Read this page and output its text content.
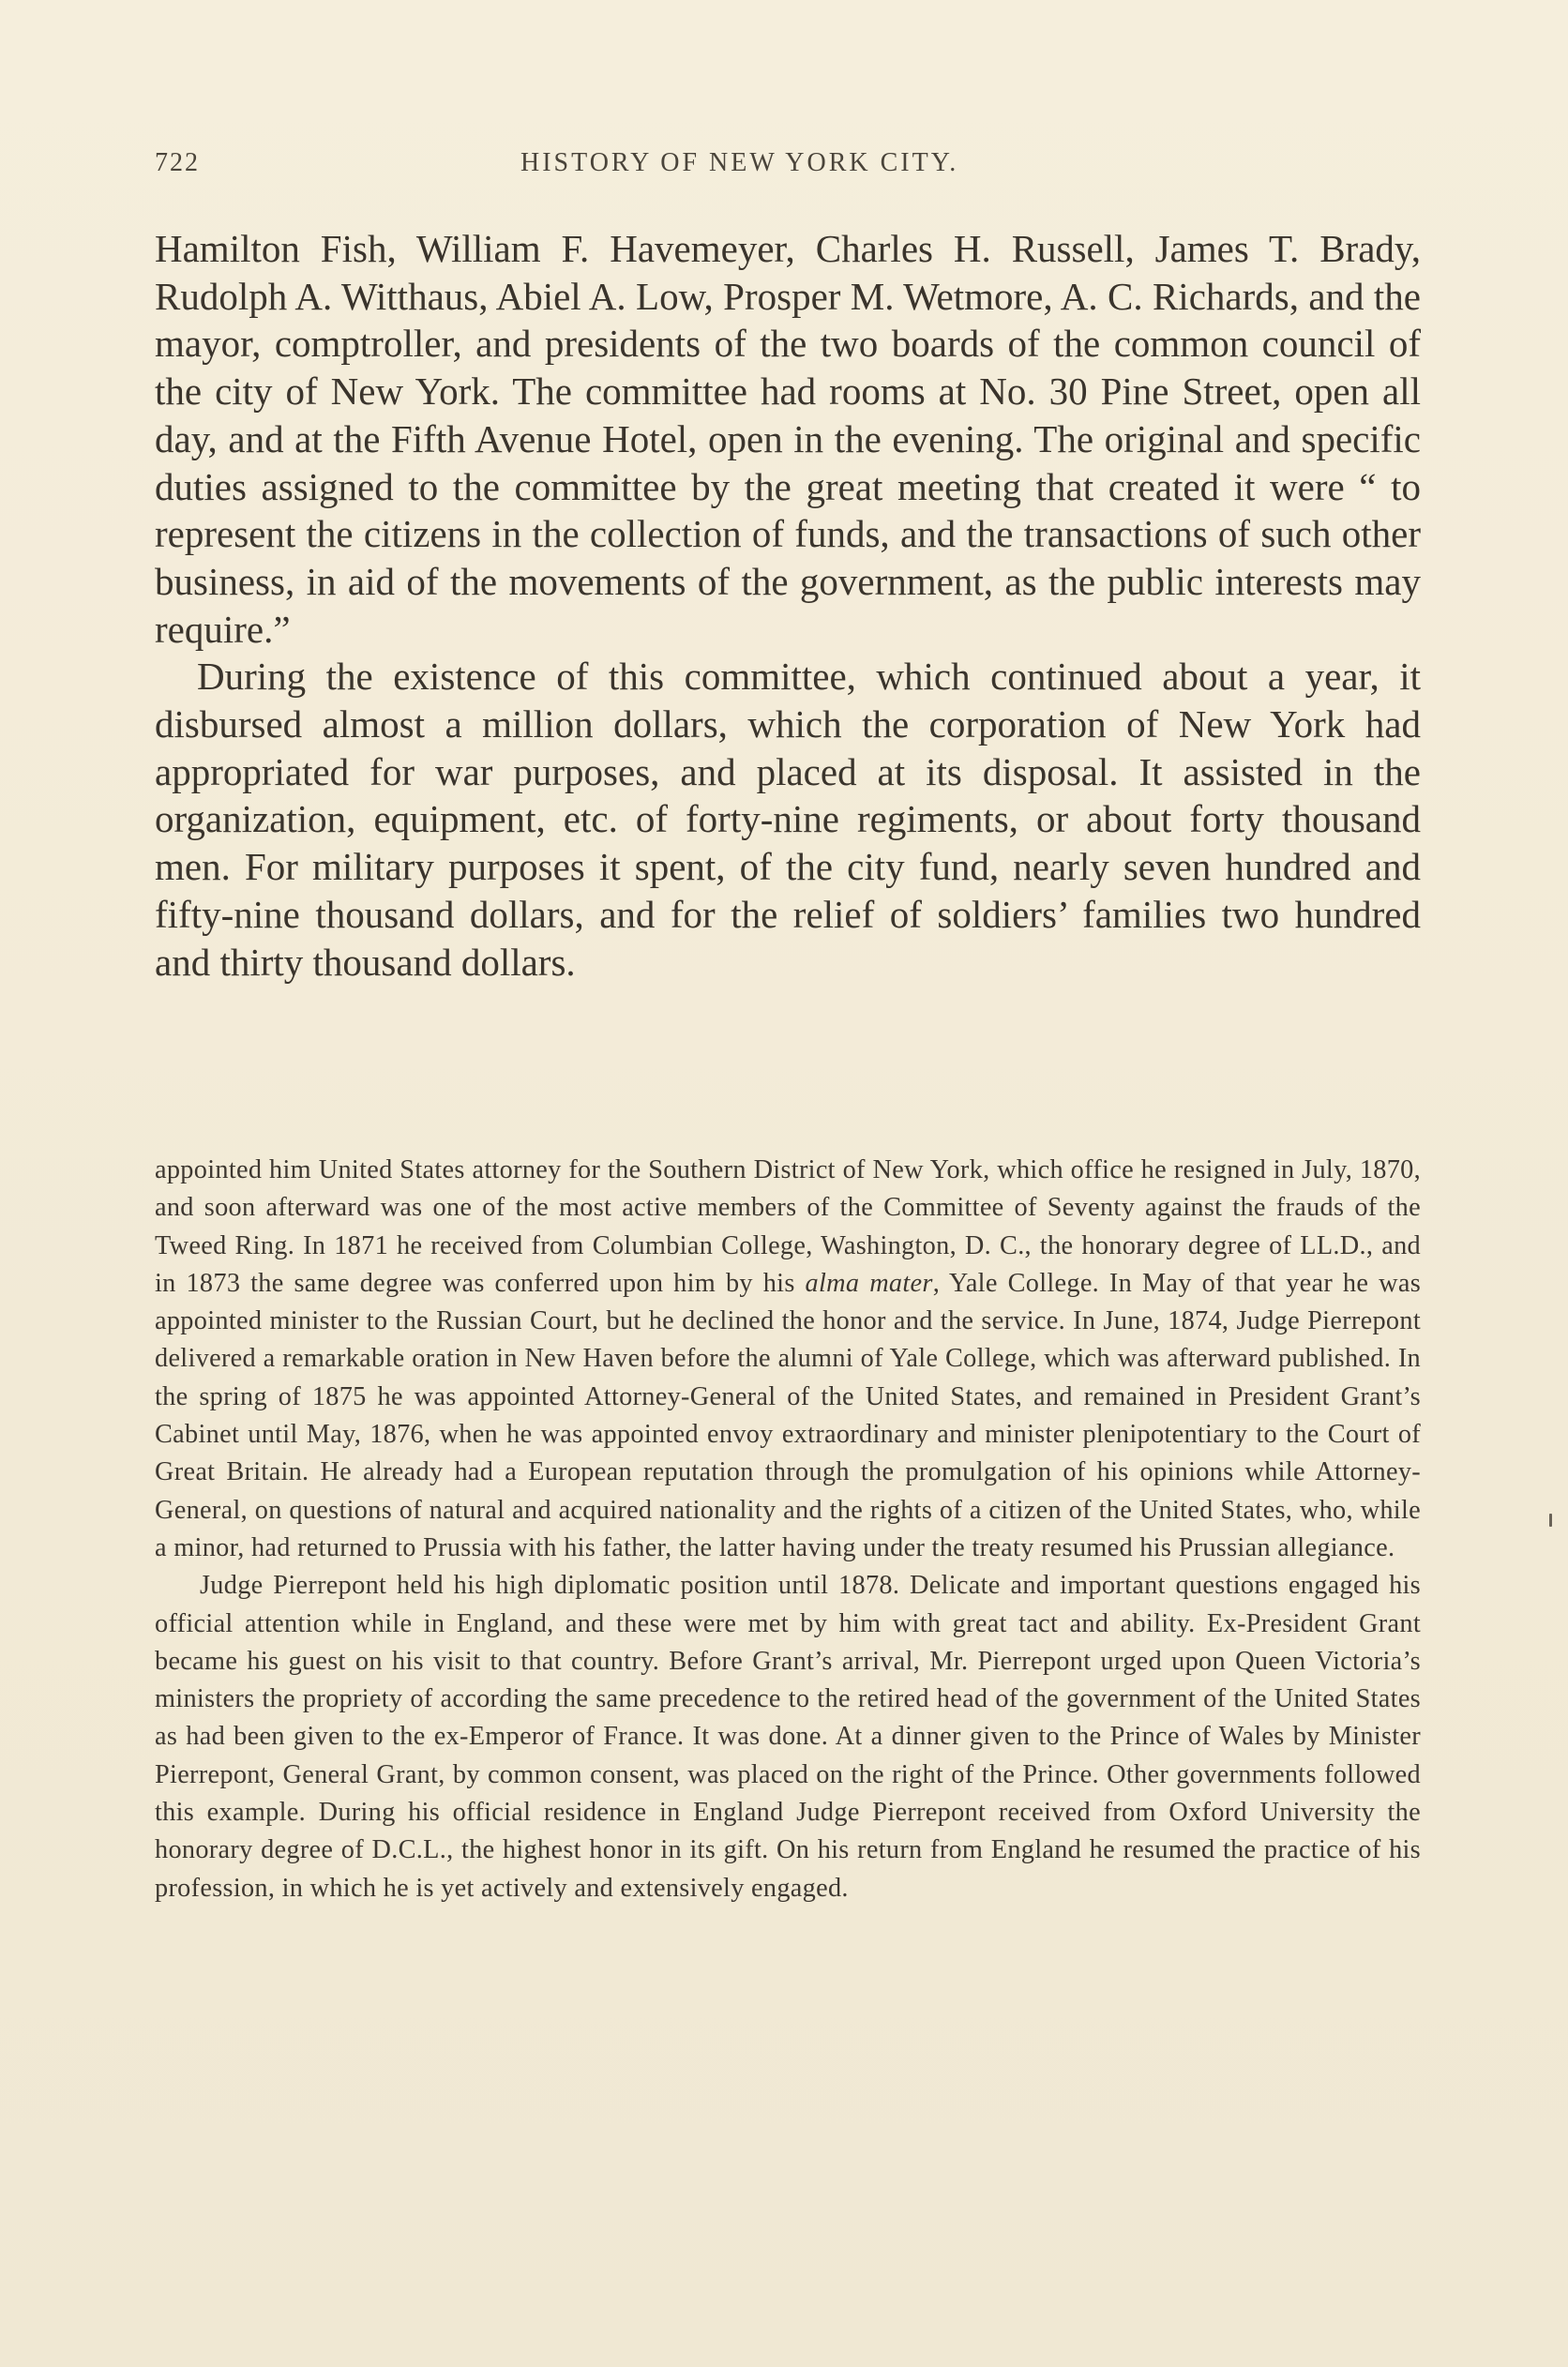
722	HISTORY OF NEW YORK CITY.

Hamilton Fish, William F. Havemeyer, Charles H. Russell, James T. Brady, Rudolph A. Witthaus, Abiel A. Low, Prosper M. Wetmore, A. C. Richards, and the mayor, comptroller, and presidents of the two boards of the common council of the city of New York. The committee had rooms at No. 30 Pine Street, open all day, and at the Fifth Avenue Hotel, open in the evening. The original and specific duties assigned to the committee by the great meeting that created it were “ to represent the citizens in the collection of funds, and the transactions of such other business, in aid of the movements of the government, as the public interests may require.”

During the existence of this committee, which continued about a year, it disbursed almost a million dollars, which the corporation of New York had appropriated for war purposes, and placed at its disposal. It assisted in the organization, equipment, etc. of forty-nine regiments, or about forty thousand men. For military purposes it spent, of the city fund, nearly seven hundred and fifty-nine thousand dollars, and for the relief of soldiers’ families two hundred and thirty thousand dollars.

appointed him United States attorney for the Southern District of New York, which office he resigned in July, 1870, and soon afterward was one of the most active members of the Committee of Seventy against the frauds of the Tweed Ring. In 1871 he received from Columbian College, Washington, D. C., the honorary degree of LL.D., and in 1873 the same degree was conferred upon him by his alma mater, Yale College. In May of that year he was appointed minister to the Russian Court, but he declined the honor and the service. In June, 1874, Judge Pierrepont delivered a remarkable oration in New Haven before the alumni of Yale College, which was afterward published. In the spring of 1875 he was appointed Attorney-General of the United States, and remained in President Grant’s Cabinet until May, 1876, when he was appointed envoy extraordinary and minister plenipotentiary to the Court of Great Britain. He already had a European reputation through the promulgation of his opinions while Attorney-General, on questions of natural and acquired nationality and the rights of a citizen of the United States, who, while a minor, had returned to Prussia with his father, the latter having under the treaty resumed his Prussian allegiance.

Judge Pierrepont held his high diplomatic position until 1878. Delicate and important questions engaged his official attention while in England, and these were met by him with great tact and ability. Ex-President Grant became his guest on his visit to that country. Before Grant’s arrival, Mr. Pierrepont urged upon Queen Victoria’s ministers the propriety of according the same precedence to the retired head of the government of the United States as had been given to the ex-Emperor of France. It was done. At a dinner given to the Prince of Wales by Minister Pierrepont, General Grant, by common consent, was placed on the right of the Prince. Other governments followed this example. During his official residence in England Judge Pierrepont received from Oxford University the honorary degree of D.C.L., the highest honor in its gift. On his return from England he resumed the practice of his profession, in which he is yet actively and extensively engaged.
